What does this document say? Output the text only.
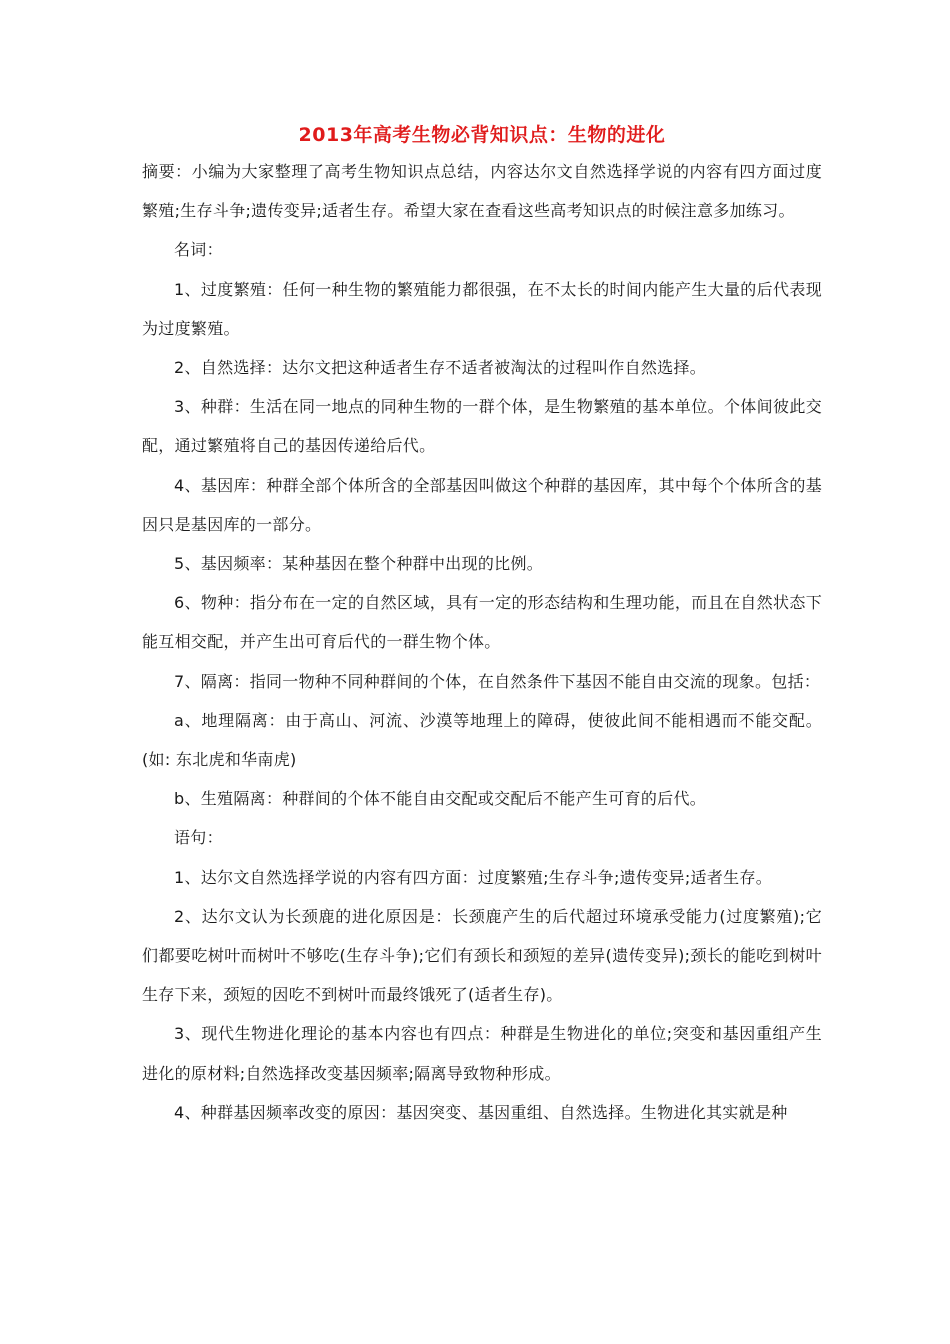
2013年高考生物必背知识点：生物的进化

摘要：小编为大家整理了高考生物知识点总结，内容达尔文自然选择学说的内容有四方面过度繁殖;生存斗争;遗传变异;适者生存。希望大家在查看这些高考知识点的时候注意多加练习。

名词：

1、过度繁殖：任何一种生物的繁殖能力都很强，在不太长的时间内能产生大量的后代表现为过度繁殖。

2、自然选择：达尔文把这种适者生存不适者被淘汰的过程叫作自然选择。

3、种群：生活在同一地点的同种生物的一群个体，是生物繁殖的基本单位。个体间彼此交配，通过繁殖将自己的基因传递给后代。

4、基因库：种群全部个体所含的全部基因叫做这个种群的基因库，其中每个个体所含的基因只是基因库的一部分。

5、基因频率：某种基因在整个种群中出现的比例。

6、物种：指分布在一定的自然区域，具有一定的形态结构和生理功能，而且在自然状态下能互相交配，并产生出可育后代的一群生物个体。

7、隔离：指同一物种不同种群间的个体，在自然条件下基因不能自由交流的现象。包括：

a、地理隔离：由于高山、河流、沙漠等地理上的障碍，使彼此间不能相遇而不能交配。(如: 东北虎和华南虎)

b、生殖隔离：种群间的个体不能自由交配或交配后不能产生可育的后代。

语句：

1、达尔文自然选择学说的内容有四方面：过度繁殖;生存斗争;遗传变异;适者生存。

2、达尔文认为长颈鹿的进化原因是：长颈鹿产生的后代超过环境承受能力(过度繁殖);它们都要吃树叶而树叶不够吃(生存斗争);它们有颈长和颈短的差异(遗传变异);颈长的能吃到树叶生存下来，颈短的因吃不到树叶而最终饿死了(适者生存)。

3、现代生物进化理论的基本内容也有四点：种群是生物进化的单位;突变和基因重组产生进化的原材料;自然选择改变基因频率;隔离导致物种形成。

4、种群基因频率改变的原因：基因突变、基因重组、自然选择。生物进化其实就是种
